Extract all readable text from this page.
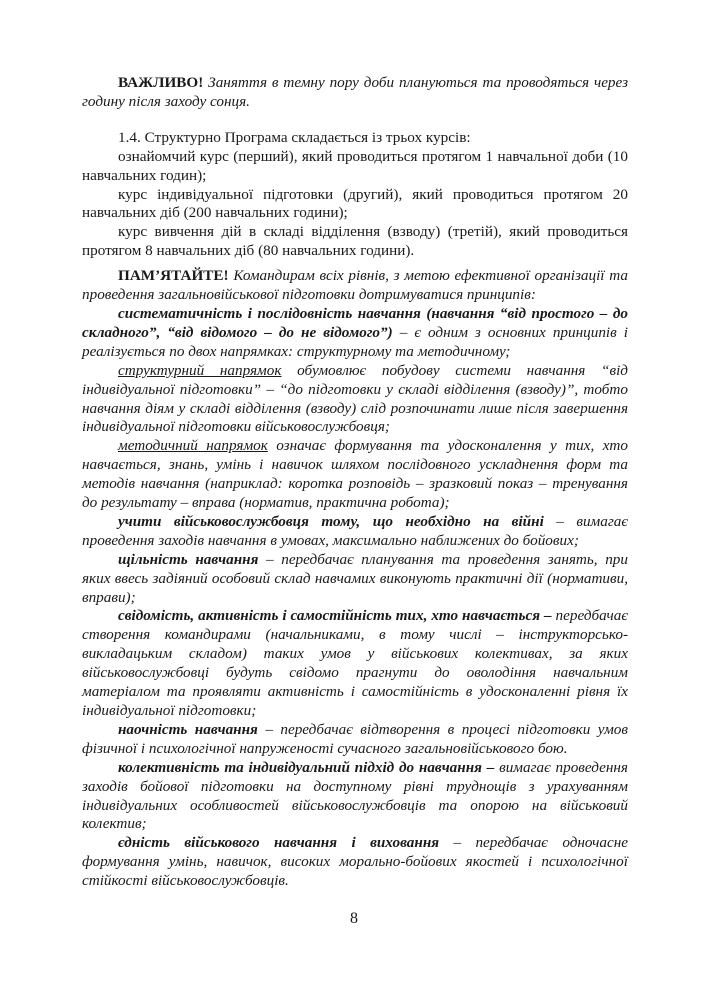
ВАЖЛИВО! Заняття в темну пору доби плануються та проводяться через годину після заходу сонця.

1.4. Структурно Програма складається із трьох курсів:

ознайомчий курс (перший), який проводиться протягом 1 навчальної доби (10 навчальних годин);

курс індивідуальної підготовки (другий), який проводиться протягом 20 навчальних діб (200 навчальних години);

курс вивчення дій в складі відділення (взводу) (третій), який проводиться протягом 8 навчальних діб (80 навчальних години).

ПАМ’ЯТАЙТЕ! Командирам всіх рівнів, з метою ефективної організації та проведення загальновійськової підготовки дотримуватися принципів:

систематичність і послідовність навчання (навчання “від простого – до складного”, “від відомого – до не відомого”) – є одним з основних принципів і реалізується по двох напрямках: структурному та методичному;

структурний напрямок обумовлює побудову системи навчання “від індивідуальної підготовки” – “до підготовки у складі відділення (взводу)”, тобто навчання діям у складі відділення (взводу) слід розпочинати лише після завершення індивідуальної підготовки військовослужбовця;

методичний напрямок означає формування та удосконалення у тих, хто навчається, знань, умінь і навичок шляхом послідовного ускладнення форм та методів навчання (наприклад: коротка розповідь – зразковий показ – тренування до результату – вправа (норматив, практична робота);

учити військовослужбовця тому, що необхідно на війні – вимагає проведення заходів навчання в умовах, максимально наближених до бойових;

щільність навчання – передбачає планування та проведення занять, при яких ввесь задіяний особовий склад навчамих виконують практичні дії (нормативи, вправи);

свідомість, активність і самостійність тих, хто навчається – передбачає створення командирами (начальниками, в тому числі – інструкторсько-викладацьким складом) таких умов у військових колективах, за яких військовослужбовці будуть свідомо прагнути до оволодіння навчальним матеріалом та проявляти активність і самостійність в удосконаленні рівня їх індивідуальної підготовки;

наочність навчання – передбачає відтворення в процесі підготовки умов фізичної і психологічної напруженості сучасного загальновійськового бою.

колективність та індивідуальний підхід до навчання – вимагає проведення заходів бойової підготовки на доступному рівні труднощів з урахуванням індивідуальних особливостей військовослужбовців та опорою на військовий колектив;

єдність військового навчання і виховання – передбачає одночасне формування умінь, навичок, високих морально-бойових якостей і психологічної стійкості військовослужбовців.

8
